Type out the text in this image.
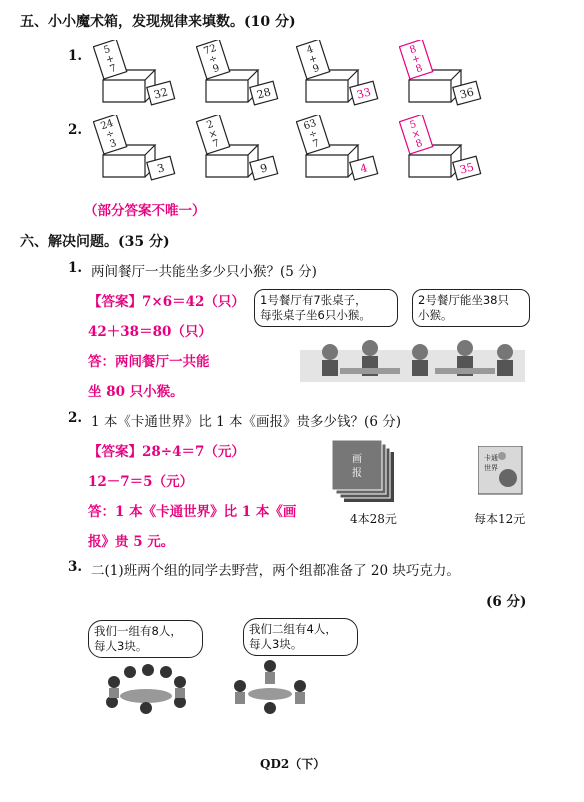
五、小小魔术箱，发现规律来填数。(10 分)
1.
2.
5
+
7
32
72
÷
9
28
4
+
9
33
8
+
8
36
24
÷
3
3
2
×
7
9
63
÷
7
4
5
×
8
35
（部分答案不唯一）
六、解决问题。(35 分)
1. 两间餐厅一共能坐多少只小猴？(5 分)
【答案】7×6＝42（只）
42＋38＝80（只）
答：两间餐厅一共能
坐 80 只小猴。
1号餐厅有7张桌子，
每张桌子坐6只小猴。
2号餐厅能坐38只
小猴。
2. 1 本《卡通世界》比 1 本《画报》贵多少钱？(6 分)
【答案】28÷4＝7（元）
12－7＝5（元）
答：1 本《卡通世界》比 1 本《画
报》贵 5 元。
画
报
4本28元
卡通
世界
每本12元
3. 二(1)班两个组的同学去野营，两个组都准备了 20 块巧克力。
(6 分)
我们一组有8人，
每人3块。
我们二组有4人，
每人3块。
QD2（下）
